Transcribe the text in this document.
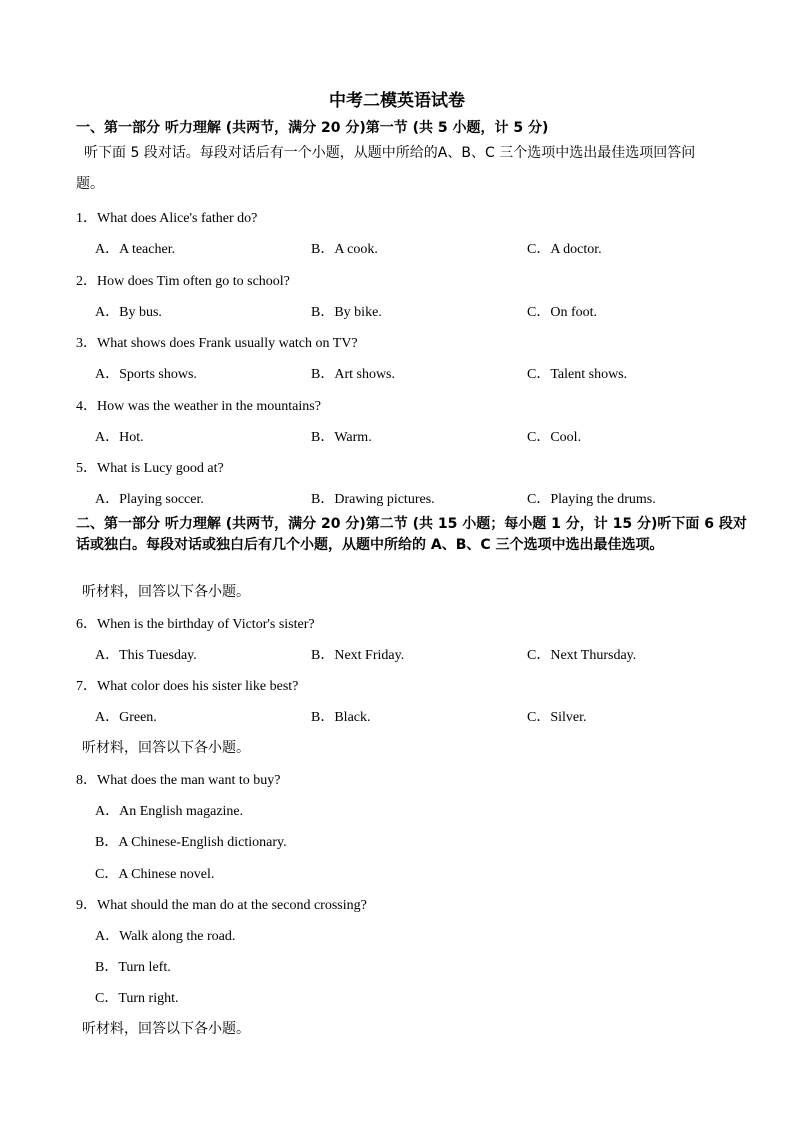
中考二模英语试卷
一、第一部分 听力理解 (共两节，满分 20 分)第一节 (共 5 小题，计 5 分)
听下面 5 段对话。每段对话后有一个小题，从题中所给的A、B、C 三个选项中选出最佳选项回答问
题。
1．What does Alice's father do?
A．A teacher.	B．A cook.	C．A doctor.
2．How does Tim often go to school?
A．By bus.	B．By bike.	C．On foot.
3．What shows does Frank usually watch on TV?
A．Sports shows.	B．Art shows.	C．Talent shows.
4．How was the weather in the mountains?
A．Hot.	B．Warm.	C．Cool.
5．What is Lucy good at?
A．Playing soccer.	B．Drawing pictures.	C．Playing the drums.
二、第一部分 听力理解 (共两节，满分 20 分)第二节 (共 15 小题；每小题 1 分，计 15 分)听下面 6 段对话或独白。每段对话或独白后有几个小题，从题中所给的 A、B、C 三个选项中选出最佳选项。
听材料，回答以下各小题。
6．When is the birthday of Victor's sister?
A．This Tuesday.	B．Next Friday.	C．Next Thursday.
7．What color does his sister like best?
A．Green.	B．Black.	C．Silver.
听材料，回答以下各小题。
8．What does the man want to buy?
A．An English magazine.
B．A Chinese-English dictionary.
C．A Chinese novel.
9．What should the man do at the second crossing?
A．Walk along the road.
B．Turn left.
C．Turn right.
听材料，回答以下各小题。
